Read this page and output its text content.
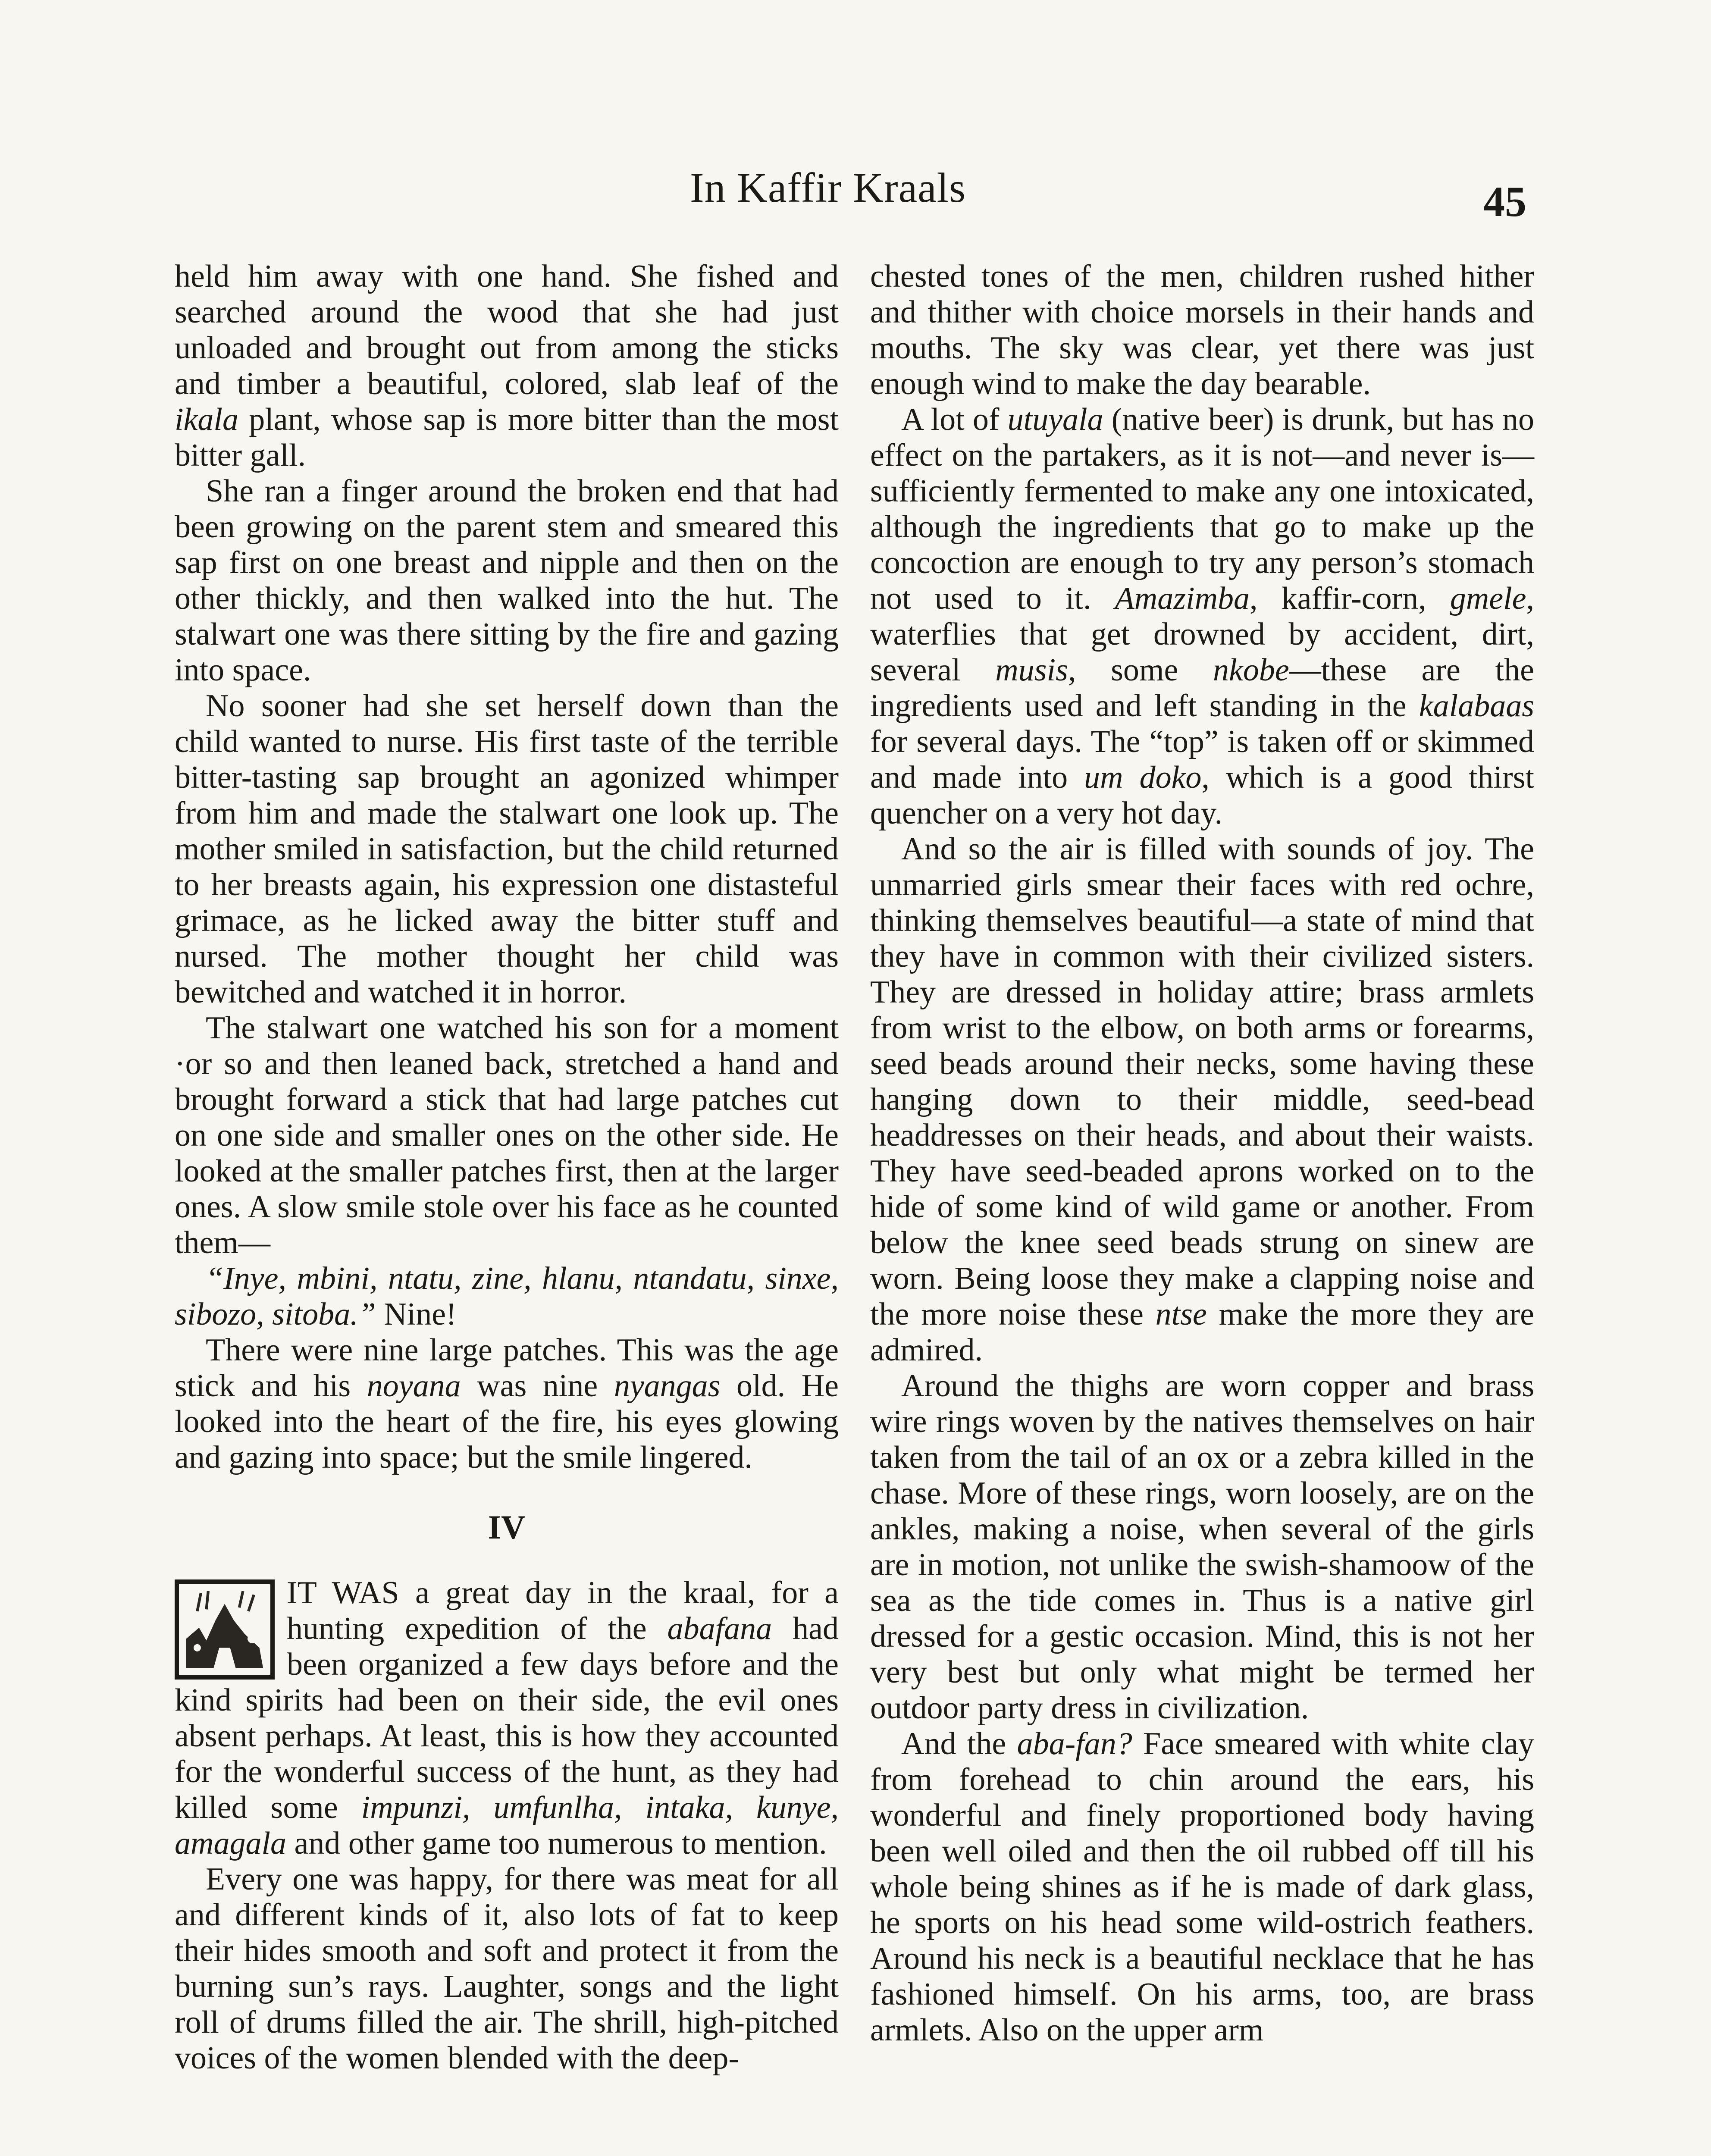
In Kaffir Kraals	45

held him away with one hand. She fished and searched around the wood that she had just unloaded and brought out from among the sticks and timber a beautiful, colored, slab leaf of the ikala plant, whose sap is more bitter than the most bitter gall.

She ran a finger around the broken end that had been growing on the parent stem and smeared this sap first on one breast and nipple and then on the other thickly, and then walked into the hut. The stalwart one was there sitting by the fire and gazing into space.

No sooner had she set herself down than the child wanted to nurse. His first taste of the terrible bitter-tasting sap brought an agonized whimper from him and made the stalwart one look up. The mother smiled in satisfaction, but the child returned to her breasts again, his expression one distasteful grimace, as he licked away the bitter stuff and nursed. The mother thought her child was bewitched and watched it in horror.

The stalwart one watched his son for a moment ·or so and then leaned back, stretched a hand and brought forward a stick that had large patches cut on one side and smaller ones on the other side. He looked at the smaller patches first, then at the larger ones. A slow smile stole over his face as he counted them—

“Inye, mbini, ntatu, zine, hlanu, ntandatu, sinxe, sibozo, sitoba.” Nine!

There were nine large patches. This was the age stick and his noyana was nine nyangas old. He looked into the heart of the fire, his eyes glowing and gazing into space; but the smile lingered.

IV

IT WAS a great day in the kraal, for a hunting expedition of the abafana had been organized a few days before and the kind spirits had been on their side, the evil ones absent perhaps. At least, this is how they accounted for the wonderful success of the hunt, as they had killed some impunzi, umfunlha, intaka, kunye, amagala and other game too numerous to mention.

Every one was happy, for there was meat for all and different kinds of it, also lots of fat to keep their hides smooth and soft and protect it from the burning sun’s rays. Laughter, songs and the light roll of drums filled the air. The shrill, high-pitched voices of the women blended with the deep-

chested tones of the men, children rushed hither and thither with choice morsels in their hands and mouths. The sky was clear, yet there was just enough wind to make the day bearable.

A lot of utuyala (native beer) is drunk, but has no effect on the partakers, as it is not—and never is—sufficiently fermented to make any one intoxicated, although the ingredients that go to make up the concoction are enough to try any person’s stomach not used to it. Amazimba, kaffir-corn, gmele, waterflies that get drowned by accident, dirt, several musis, some nkobe—these are the ingredients used and left standing in the kalabaas for several days. The “top” is taken off or skimmed and made into um doko, which is a good thirst quencher on a very hot day.

And so the air is filled with sounds of joy. The unmarried girls smear their faces with red ochre, thinking themselves beautiful—a state of mind that they have in common with their civilized sisters. They are dressed in holiday attire; brass armlets from wrist to the elbow, on both arms or forearms, seed beads around their necks, some having these hanging down to their middle, seed-bead headdresses on their heads, and about their waists. They have seed-beaded aprons worked on to the hide of some kind of wild game or another. From below the knee seed beads strung on sinew are worn. Being loose they make a clapping noise and the more noise these ntse make the more they are admired.

Around the thighs are worn copper and brass wire rings woven by the natives themselves on hair taken from the tail of an ox or a zebra killed in the chase. More of these rings, worn loosely, are on the ankles, making a noise, when several of the girls are in motion, not unlike the swish-shamoow of the sea as the tide comes in. Thus is a native girl dressed for a gestic occasion. Mind, this is not her very best but only what might be termed her outdoor party dress in civilization.

And the aba-fan? Face smeared with white clay from forehead to chin around the ears, his wonderful and finely proportioned body having been well oiled and then the oil rubbed off till his whole being shines as if he is made of dark glass, he sports on his head some wild-ostrich feathers. Around his neck is a beautiful necklace that he has fashioned himself. On his arms, too, are brass armlets. Also on the upper arm
